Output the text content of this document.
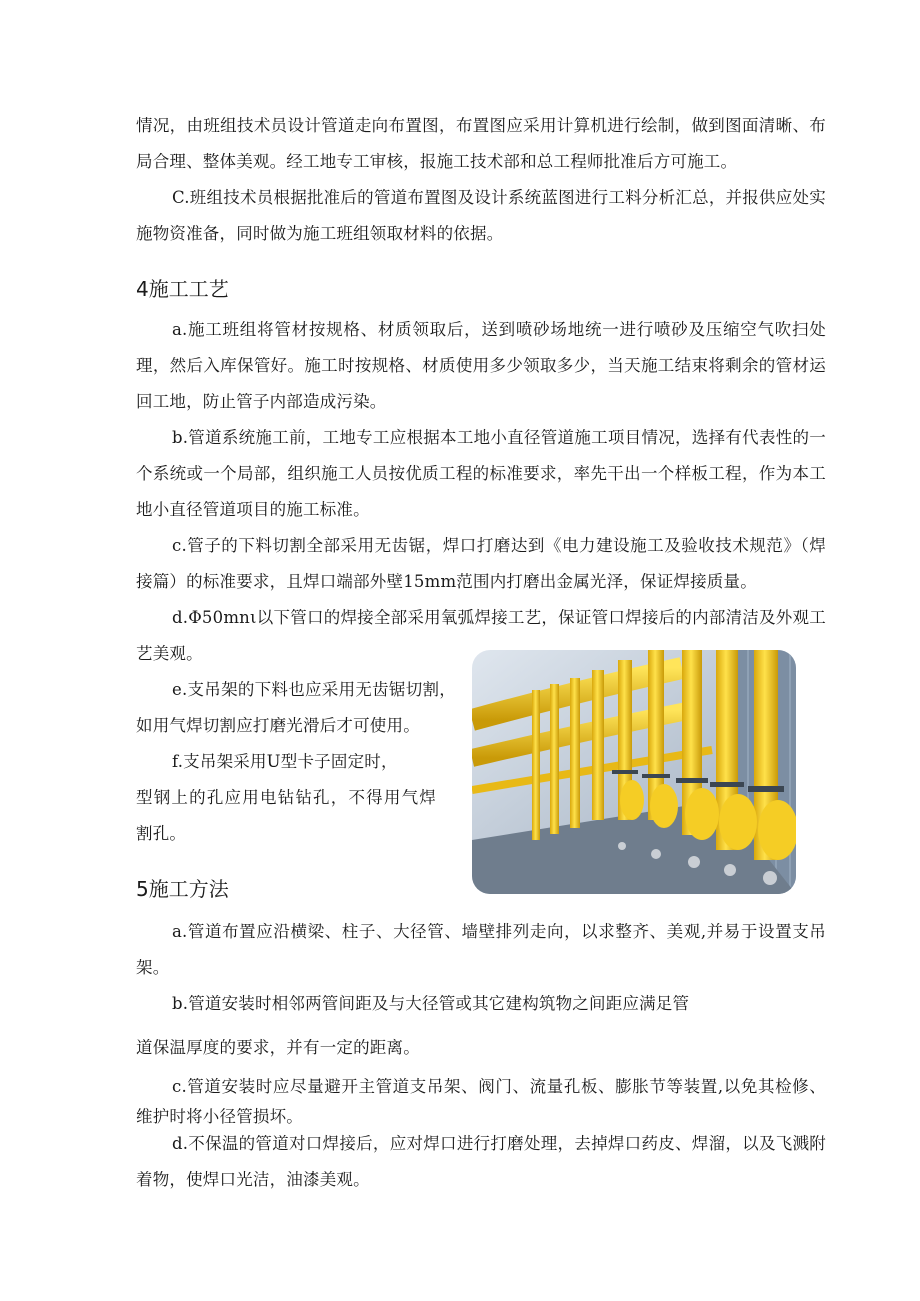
情况，由班组技术员设计管道走向布置图，布置图应采用计算机进行绘制，做到图面清晰、布局合理、整体美观。经工地专工审核，报施工技术部和总工程师批准后方可施工。

C.班组技术员根据批准后的管道布置图及设计系统蓝图进行工料分析汇总，并报供应处实施物资准备，同时做为施工班组领取材料的依据。

4施工工艺

a.施工班组将管材按规格、材质领取后，送到喷砂场地统一进行喷砂及压缩空气吹扫处理，然后入库保管好。施工时按规格、材质使用多少领取多少，当天施工结束将剩余的管材运回工地，防止管子内部造成污染。

b.管道系统施工前，工地专工应根据本工地小直径管道施工项目情况，选择有代表性的一个系统或一个局部，组织施工人员按优质工程的标准要求，率先干出一个样板工程，作为本工地小直径管道项目的施工标准。

c.管子的下料切割全部采用无齿锯，焊口打磨达到《电力建设施工及验收技术规范》（焊接篇）的标准要求，且焊口端部外壁15mm范围内打磨出金属光泽，保证焊接质量。

d.Φ50mnι以下管口的焊接全部采用氧弧焊接工艺，保证管口焊接后的内部清洁及外观工艺美观。

e.支吊架的下料也应采用无齿锯切割，如用气焊切割应打磨光滑后才可使用。

f.支吊架采用U型卡子固定时，

型钢上的孔应用电钻钻孔，不得用气焊割孔。

5施工方法

a.管道布置应沿横梁、柱子、大径管、墙壁排列走向，以求整齐、美观,并易于设置支吊架。

b.管道安装时相邻两管间距及与大径管或其它建构筑物之间距应满足管

道保温厚度的要求，并有一定的距离。

c.管道安装时应尽量避开主管道支吊架、阀门、流量孔板、膨胀节等装置,以免其检修、维护时将小径管损坏。

d.不保温的管道对口焊接后，应对焊口进行打磨处理，去掉焊口药皮、焊溜，以及飞溅附着物，使焊口光洁，油漆美观。
